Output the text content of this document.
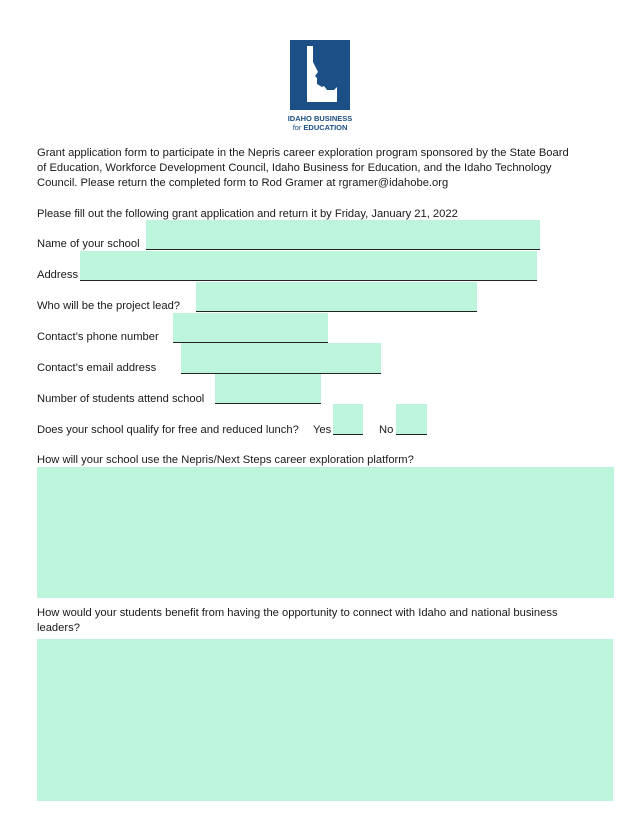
IDAHO BUSINESS
for EDUCATION
Grant application form to participate in the Nepris career exploration program sponsored by the State Board
of Education, Workforce Development Council, Idaho Business for Education, and the Idaho Technology
Council. Please return the completed form to Rod Gramer at rgramer@idahobe.org
Please fill out the following grant application and return it by Friday, January 21, 2022
Name of your school
Address
Who will be the project lead?
Contact’s phone number
Contact’s email address
Number of students attend school
Does your school qualify for free and reduced lunch? Yes	No
How will your school use the Nepris/Next Steps career exploration platform?
How would your students benefit from having the opportunity to connect with Idaho and national business
leaders?
